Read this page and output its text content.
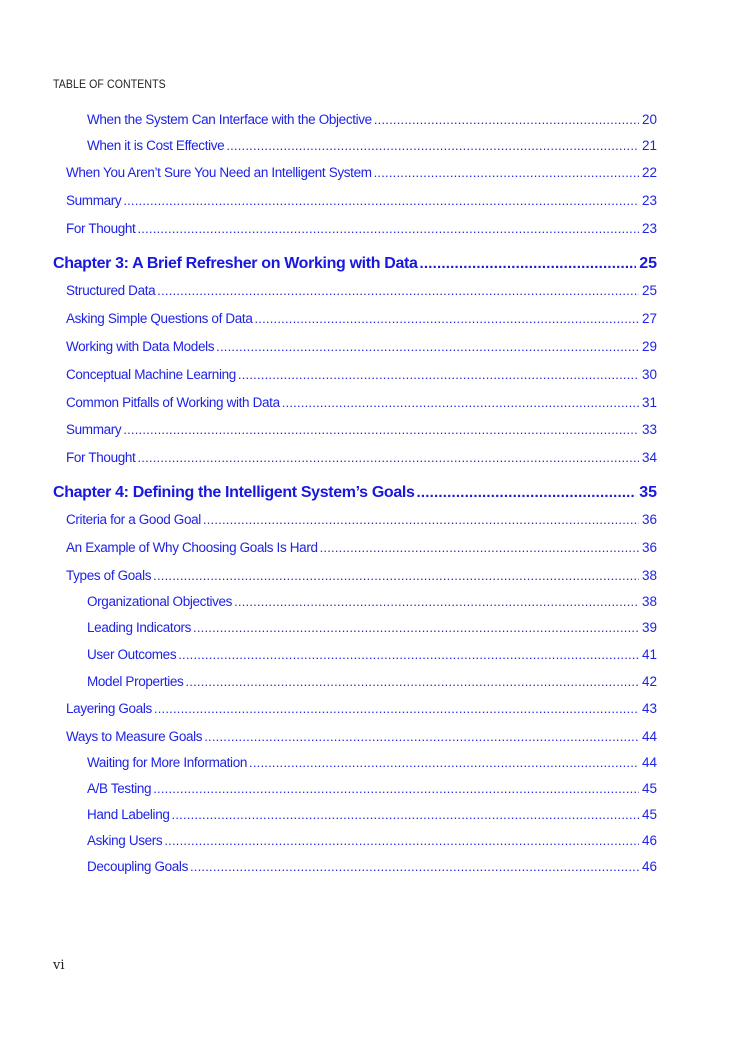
TABLE OF CONTENTS
When the System Can Interface with the Objective .....	20
When it is Cost Effective .....	21
When You Aren’t Sure You Need an Intelligent System .....	22
Summary .....	23
For Thought .....	23
Chapter 3: A Brief Refresher on Working with Data .....	25
Structured Data .....	25
Asking Simple Questions of Data .....	27
Working with Data Models .....	29
Conceptual Machine Learning .....	30
Common Pitfalls of Working with Data .....	31
Summary .....	33
For Thought .....	34
Chapter 4: Defining the Intelligent System’s Goals .....	35
Criteria for a Good Goal .....	36
An Example of Why Choosing Goals Is Hard .....	36
Types of Goals .....	38
Organizational Objectives .....	38
Leading Indicators .....	39
User Outcomes .....	41
Model Properties .....	42
Layering Goals .....	43
Ways to Measure Goals .....	44
Waiting for More Information .....	44
A/B Testing .....	45
Hand Labeling .....	45
Asking Users .....	46
Decoupling Goals .....	46
vi
